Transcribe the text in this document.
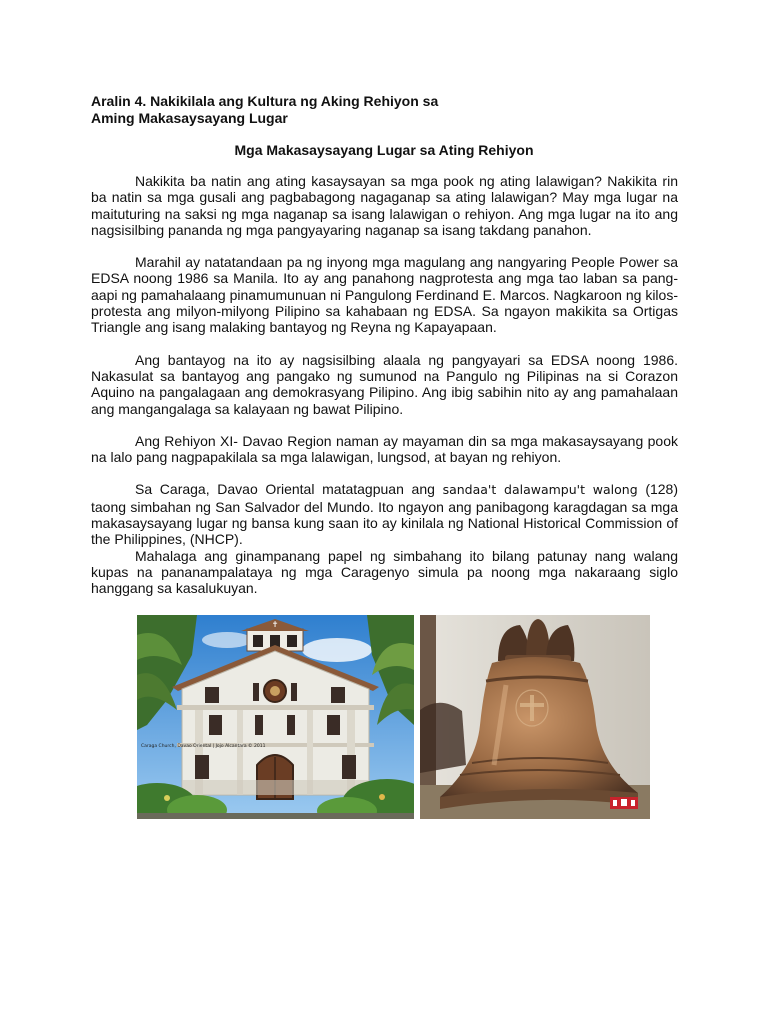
Aralin 4. Nakikilala ang Kultura ng Aking Rehiyon sa
Aming Makasaysayang Lugar
Mga Makasaysayang Lugar sa Ating Rehiyon

Nakikita ba natin ang ating kasaysayan sa mga pook ng ating lalawigan? Nakikita rin ba natin sa mga gusali ang pagbabagong nagaganap sa ating lalawigan? May mga lugar na maituturing na saksi ng mga naganap sa isang lalawigan o rehiyon. Ang mga lugar na ito ang nagsisilbing pananda ng mga pangyayaring naganap sa isang takdang panahon.

Marahil ay natatandaan pa ng inyong mga magulang ang nangyaring People Power sa EDSA noong 1986 sa Manila. Ito ay ang panahong nagprotesta ang mga tao laban sa pang-aapi ng pamahalaang pinamumunuan ni Pangulong Ferdinand E. Marcos. Nagkaroon ng kilos-protesta ang milyon-milyong Pilipino sa kahabaan ng EDSA. Sa ngayon makikita sa Ortigas Triangle ang isang malaking bantayog ng Reyna ng Kapayapaan.

Ang bantayog na ito ay nagsisilbing alaala ng pangyayari sa EDSA noong 1986. Nakasulat sa bantayog ang pangako ng sumunod na Pangulo ng Pilipinas na si Corazon Aquino na pangalagaan ang demokrasyang Pilipino. Ang ibig sabihin nito ay ang pamahalaan ang mangangalaga sa kalayaan ng bawat Pilipino.

Ang Rehiyon XI- Davao Region naman ay mayaman din sa mga makasaysayang pook na lalo pang nagpapakilala sa mga lalawigan, lungsod, at bayan ng rehiyon.

Sa Caraga, Davao Oriental matatagpuan ang sandaa't dalawampu't walong (128) taong simbahan ng San Salvador del Mundo. Ito ngayon ang panibagong karagdagan sa mga makasaysayang lugar ng bansa kung saan ito ay kinilala ng National Historical Commission of the Philippines, (NHCP).

Mahalaga ang ginampanang papel ng simbahang ito bilang patunay nang walang kupas na pananampalataya ng mga Caragenyo simula pa noong mga nakaraang siglo hanggang sa kasalukuyan.

✝
Caraga Church, Davao Oriental | Jojo Alcantara © 2011
